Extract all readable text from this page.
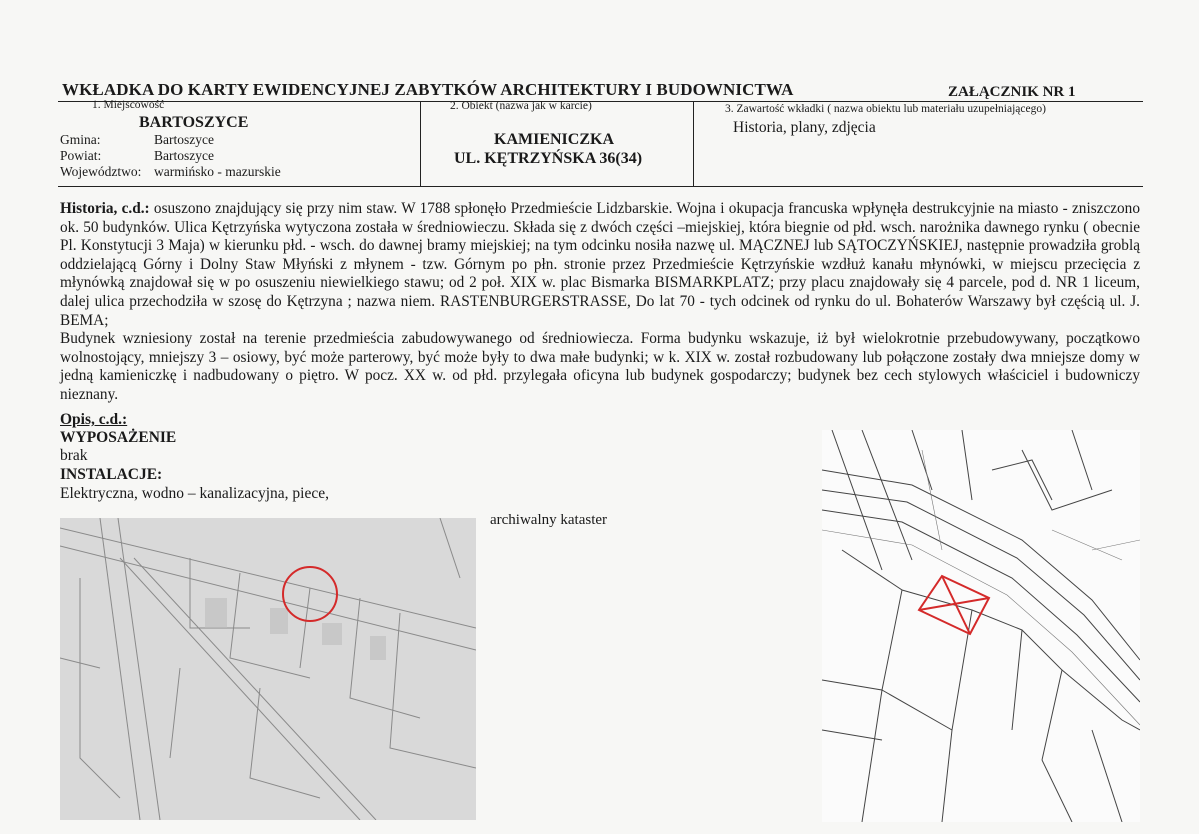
WKŁADKA DO KARTY EWIDENCYJNEJ ZABYTKÓW ARCHITEKTURY I BUDOWNICTWA	ZAŁĄCZNIK NR 1
1. Miejscowość
BARTOSZYCE
Gmina:	Bartoszyce
Powiat:	Bartoszyce
Województwo: warmińsko - mazurskie
2. Obiekt (nazwa jak w karcie)
KAMIENICZKA
UL. KĘTRZYŃSKA 36(34)
3. Zawartość wkładki ( nazwa obiektu lub materiału uzupełniającego)
Historia, plany, zdjęcia

Historia, c.d.: osuszono znajdujący się przy nim staw. W 1788 spłonęło Przedmieście Lidzbarskie. Wojna i okupacja francuska wpłynęła destrukcyjnie na miasto - zniszczono ok. 50 budynków. Ulica Kętrzyńska wytyczona została w średniowieczu. Składa się z dwóch części –miejskiej, która biegnie od płd. wsch. narożnika dawnego rynku ( obecnie Pl. Konstytucji 3 Maja) w kierunku płd. - wsch. do dawnej bramy miejskiej; na tym odcinku nosiła nazwę ul. MĄCZNEJ lub SĄTOCZYŃSKIEJ, następnie prowadziła groblą oddzielającą Górny i Dolny Staw Młyński z młynem - tzw. Górnym po płn. stronie przez Przedmieście Kętrzyńskie wzdłuż kanału młynówki, w miejscu przecięcia z młynówką znajdował się w po osuszeniu niewielkiego stawu; od 2 poł. XIX w. plac Bismarka BISMARKPLATZ; przy placu znajdowały się 4 parcele, pod d. NR 1 liceum, dalej ulica przechodziła w szosę do Kętrzyna ; nazwa niem. RASTENBURGERSTRASSE, Do lat 70 - tych odcinek od rynku do ul. Bohaterów Warszawy był częścią ul. J. BEMA;

Budynek wzniesiony został na terenie przedmieścia zabudowywanego od średniowiecza. Forma budynku wskazuje, iż był wielokrotnie przebudowywany, początkowo wolnostojący, mniejszy 3 – osiowy, być może parterowy, być może były to dwa małe budynki; w k. XIX w. został rozbudowany lub połączone zostały dwa mniejsze domy w jedną kamieniczkę i nadbudowany o piętro. W pocz. XX w. od płd. przylegała oficyna lub budynek gospodarczy; budynek bez cech stylowych właściciel i budowniczy nieznany.

Opis, c.d.:
WYPOSAŻENIE
brak
INSTALACJE:
Elektryczna, wodno – kanalizacyjna, piece,
archiwalny kataster
